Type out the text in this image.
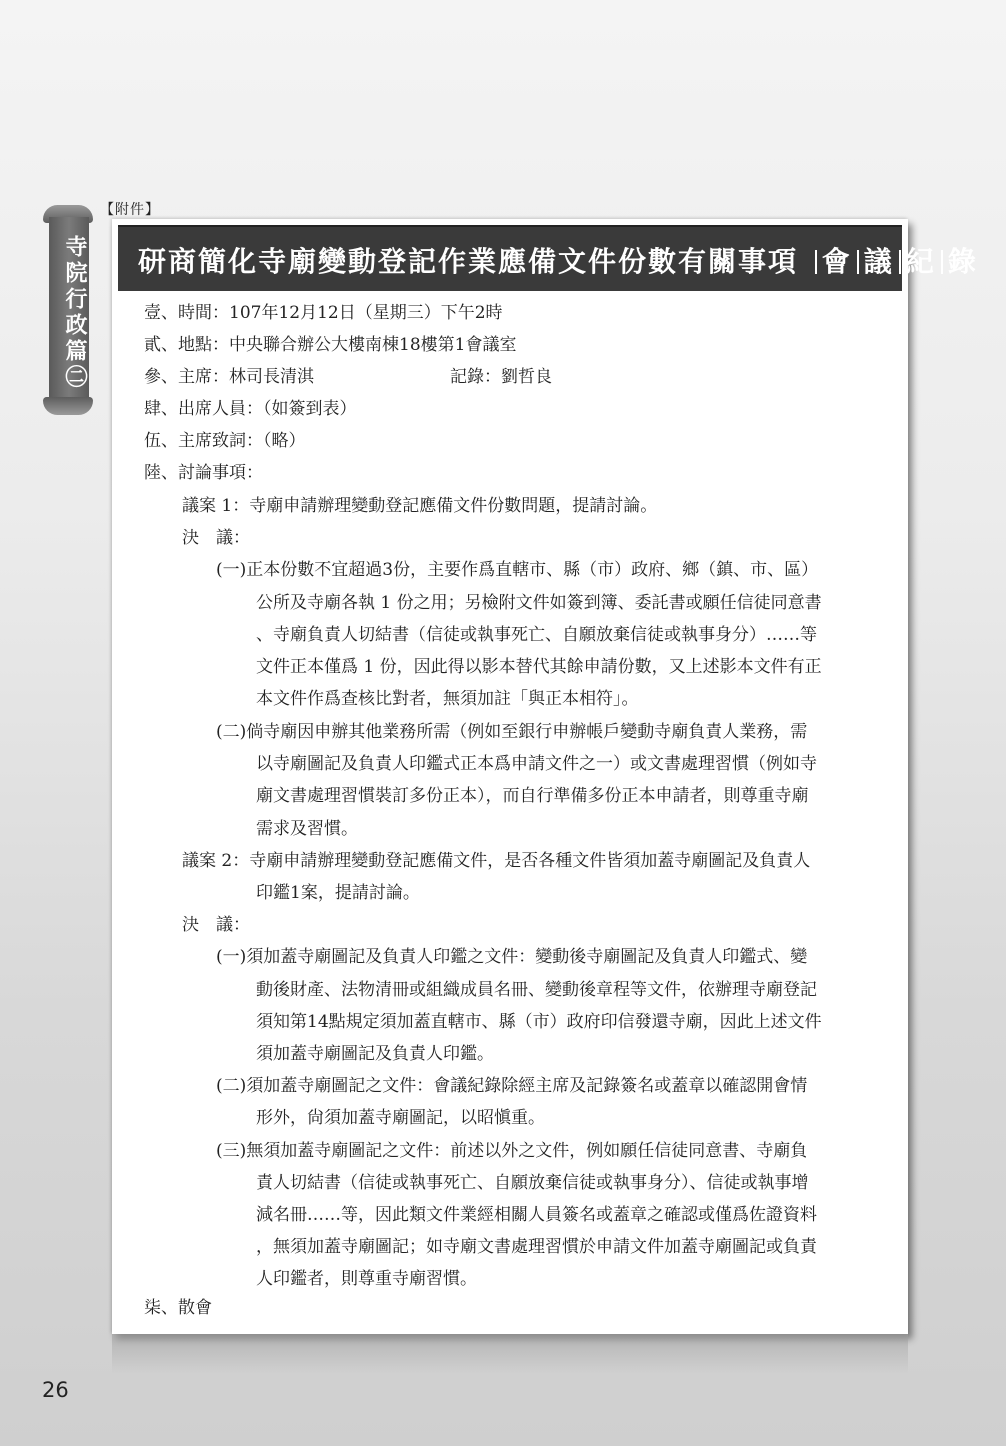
【附件】
寺院行政篇㊁ 研商簡化寺廟變動登記作業應備文件份數有關事項 會 議 紀 錄
壹、時間：107年12月12日（星期三）下午2時
貳、地點：中央聯合辦公大樓南棟18樓第1會議室
參、主席：林司長清淇	記錄：劉哲良
肆、出席人員：（如簽到表）
伍、主席致詞：（略）
陸、討論事項：
議案 1：寺廟申請辦理變動登記應備文件份數問題，提請討論。
決　議：
(一)正本份數不宜超過3份，主要作爲直轄市、縣（市）政府、鄉（鎮、市、區）
公所及寺廟各執 1 份之用；另檢附文件如簽到簿、委託書或願任信徒同意書
、寺廟負責人切結書（信徒或執事死亡、自願放棄信徒或執事身分）……等
文件正本僅爲 1 份，因此得以影本替代其餘申請份數，又上述影本文件有正
本文件作爲查核比對者，無須加註「與正本相符」。
(二)倘寺廟因申辦其他業務所需（例如至銀行申辦帳戶變動寺廟負責人業務，需
以寺廟圖記及負責人印鑑式正本爲申請文件之一）或文書處理習慣（例如寺
廟文書處理習慣裝訂多份正本），而自行準備多份正本申請者，則尊重寺廟
需求及習慣。
議案 2：寺廟申請辦理變動登記應備文件，是否各種文件皆須加蓋寺廟圖記及負責人
印鑑1案，提請討論。
決　議：
(一)須加蓋寺廟圖記及負責人印鑑之文件：變動後寺廟圖記及負責人印鑑式、變
動後財產、法物清冊或組織成員名冊、變動後章程等文件，依辦理寺廟登記
須知第14點規定須加蓋直轄市、縣（市）政府印信發還寺廟，因此上述文件
須加蓋寺廟圖記及負責人印鑑。
(二)須加蓋寺廟圖記之文件：會議紀錄除經主席及記錄簽名或蓋章以確認開會情
形外，尙須加蓋寺廟圖記，以昭愼重。
(三)無須加蓋寺廟圖記之文件：前述以外之文件，例如願任信徒同意書、寺廟負
責人切結書（信徒或執事死亡、自願放棄信徒或執事身分）、信徒或執事增
減名冊……等，因此類文件業經相關人員簽名或蓋章之確認或僅爲佐證資料
，無須加蓋寺廟圖記；如寺廟文書處理習慣於申請文件加蓋寺廟圖記或負責
人印鑑者，則尊重寺廟習慣。
柒、散會
26
